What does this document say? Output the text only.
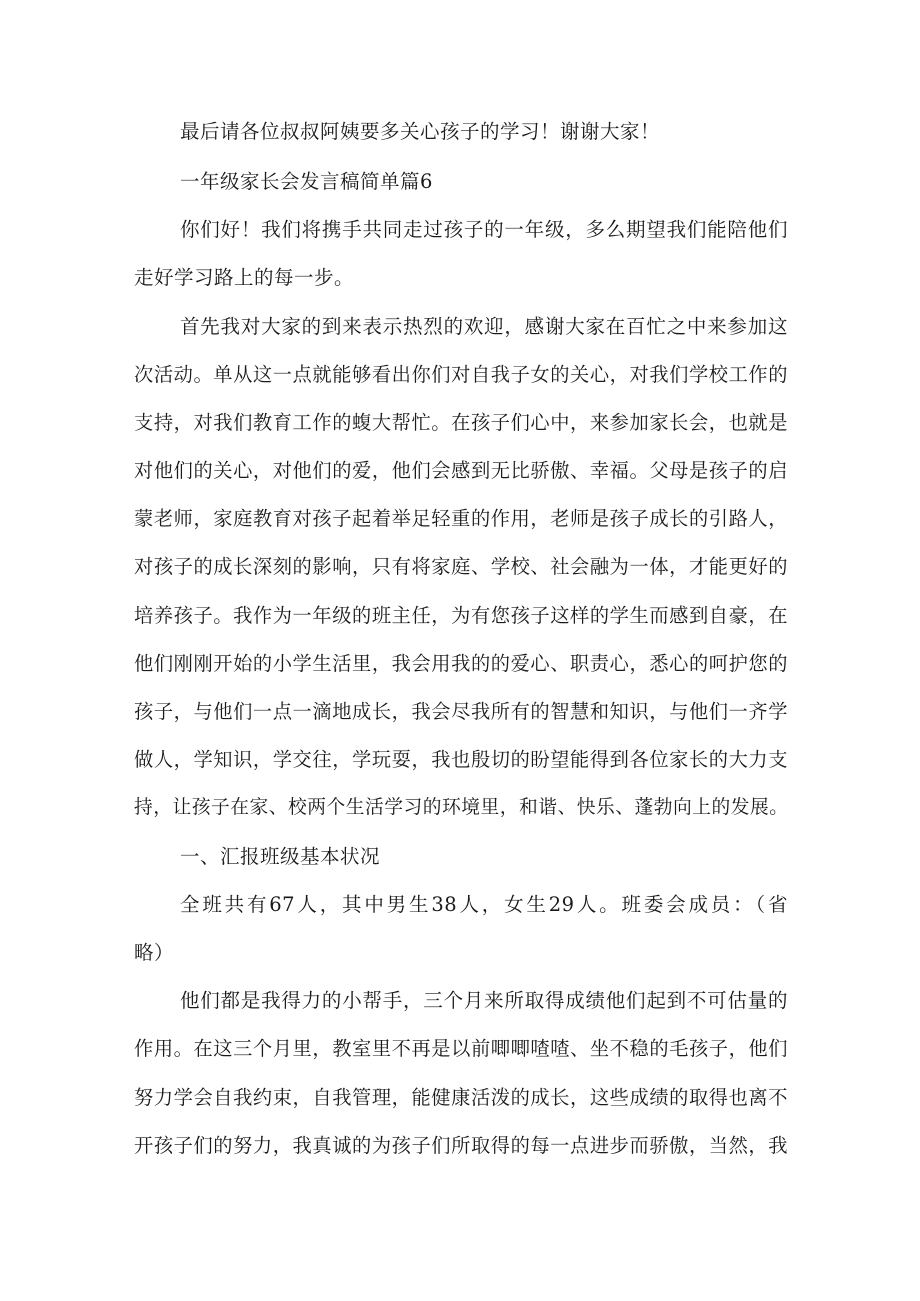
最后请各位叔叔阿姨要多关心孩子的学习！谢谢大家！

一年级家长会发言稿简单篇6

你们好！我们将携手共同走过孩子的一年级，多么期望我们能陪他们

走好学习路上的每一步。

首先我对大家的到来表示热烈的欢迎，感谢大家在百忙之中来参加这

次活动。单从这一点就能够看出你们对自我子女的关心，对我们学校工作的

支持，对我们教育工作的蝮大帮忙。在孩子们心中，来参加家长会，也就是

对他们的关心，对他们的爱，他们会感到无比骄傲、幸福。父母是孩子的启

蒙老师，家庭教育对孩子起着举足轻重的作用，老师是孩子成长的引路人，

对孩子的成长深刻的影响，只有将家庭、学校、社会融为一体，才能更好的

培养孩子。我作为一年级的班主任，为有您孩子这样的学生而感到自豪，在

他们刚刚开始的小学生活里，我会用我的的爱心、职责心，悉心的呵护您的

孩子，与他们一点一滴地成长，我会尽我所有的智慧和知识，与他们一齐学

做人，学知识，学交往，学玩耍，我也殷切的盼望能得到各位家长的大力支

持，让孩子在家、校两个生活学习的环境里，和谐、快乐、蓬勃向上的发展。

一、汇报班级基本状况

全班共有67人，其中男生38人，女生29人。班委会成员：（省

略）

他们都是我得力的小帮手，三个月来所取得成绩他们起到不可估量的

作用。在这三个月里，教室里不再是以前唧唧喳喳、坐不稳的毛孩子，他们

努力学会自我约束，自我管理，能健康活泼的成长，这些成绩的取得也离不

开孩子们的努力，我真诚的为孩子们所取得的每一点进步而骄傲，当然，我
